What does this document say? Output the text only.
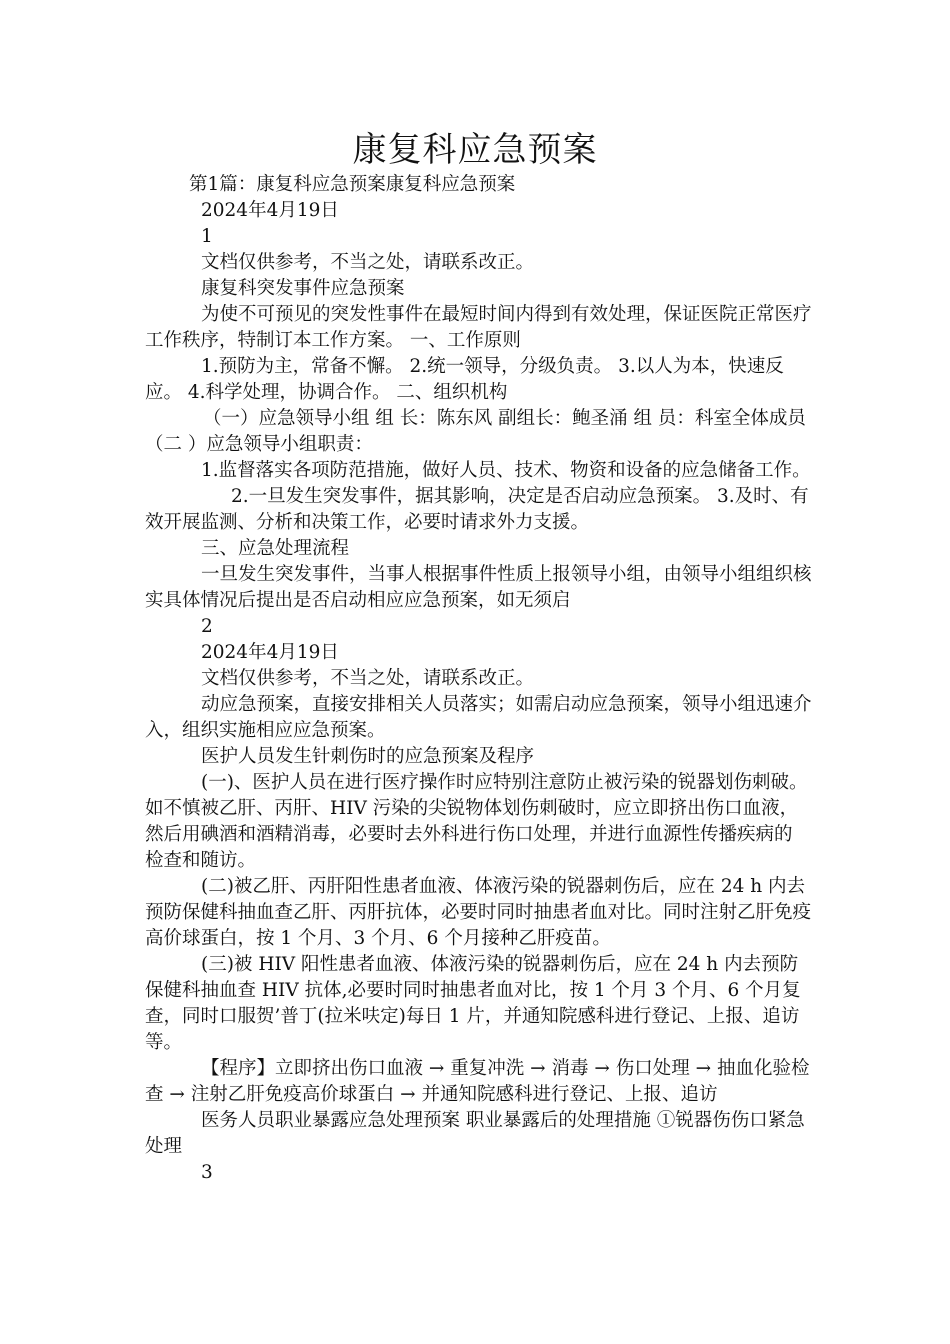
康复科应急预案

第1篇：康复科应急预案康复科应急预案

2024年4月19日

1

文档仅供参考，不当之处，请联系改正。

康复科突发事件应急预案

为使不可预见的突发性事件在最短时间内得到有效处理，保证医院正常医疗工作秩序，特制订本工作方案。 一、工作原则

1.预防为主，常备不懈。 2.统一领导，分级负责。 3.以人为本，快速反应。 4.科学处理，协调合作。 二、组织机构

（一）应急领导小组 组 长：陈东风 副组长：鲍圣涌 组 员：科室全体成员 （二 ）应急领导小组职责：

1.监督落实各项防范措施，做好人员、技术、物资和设备的应急储备工作。

2.一旦发生突发事件，据其影响，决定是否启动应急预案。 3.及时、有效开展监测、分析和决策工作，必要时请求外力支援。

三、应急处理流程

一旦发生突发事件，当事人根据事件性质上报领导小组，由领导小组组织核实具体情况后提出是否启动相应应急预案，如无须启

2

2024年4月19日

文档仅供参考，不当之处，请联系改正。

动应急预案，直接安排相关人员落实；如需启动应急预案，领导小组迅速介入，组织实施相应应急预案。

医护人员发生针刺伤时的应急预案及程序

(一)、医护人员在进行医疗操作时应特别注意防止被污染的锐器划伤刺破。如不慎被乙肝、丙肝、HIV 污染的尖锐物体划伤刺破时，应立即挤出伤口血液，然后用碘酒和酒精消毒，必要时去外科进行伤口处理，并进行血源性传播疾病的 检查和随访。

(二)被乙肝、丙肝阳性患者血液、体液污染的锐器刺伤后，应在 24 h 内去预防保健科抽血查乙肝、丙肝抗体，必要时同时抽患者血对比。同时注射乙肝免疫 高价球蛋白，按 1 个月、3 个月、6 个月接种乙肝疫苗。

(三)被 HIV 阳性患者血液、体液污染的锐器刺伤后，应在 24 h 内去预防保健科抽血查 HIV 抗体,必要时同时抽患者血对比，按 1 个月 3 个月、6 个月复查，同时口服贺’普丁(拉米呋定)每日 1 片，并通知院感科进行登记、上报、追访等。

【程序】立即挤出伤口血液 → 重复冲洗 → 消毒 → 伤口处理 → 抽血化验检查 → 注射乙肝免疫高价球蛋白 → 并通知院感科进行登记、上报、追访

医务人员职业暴露应急处理预案 职业暴露后的处理措施 ①锐器伤伤口紧急处理

3
